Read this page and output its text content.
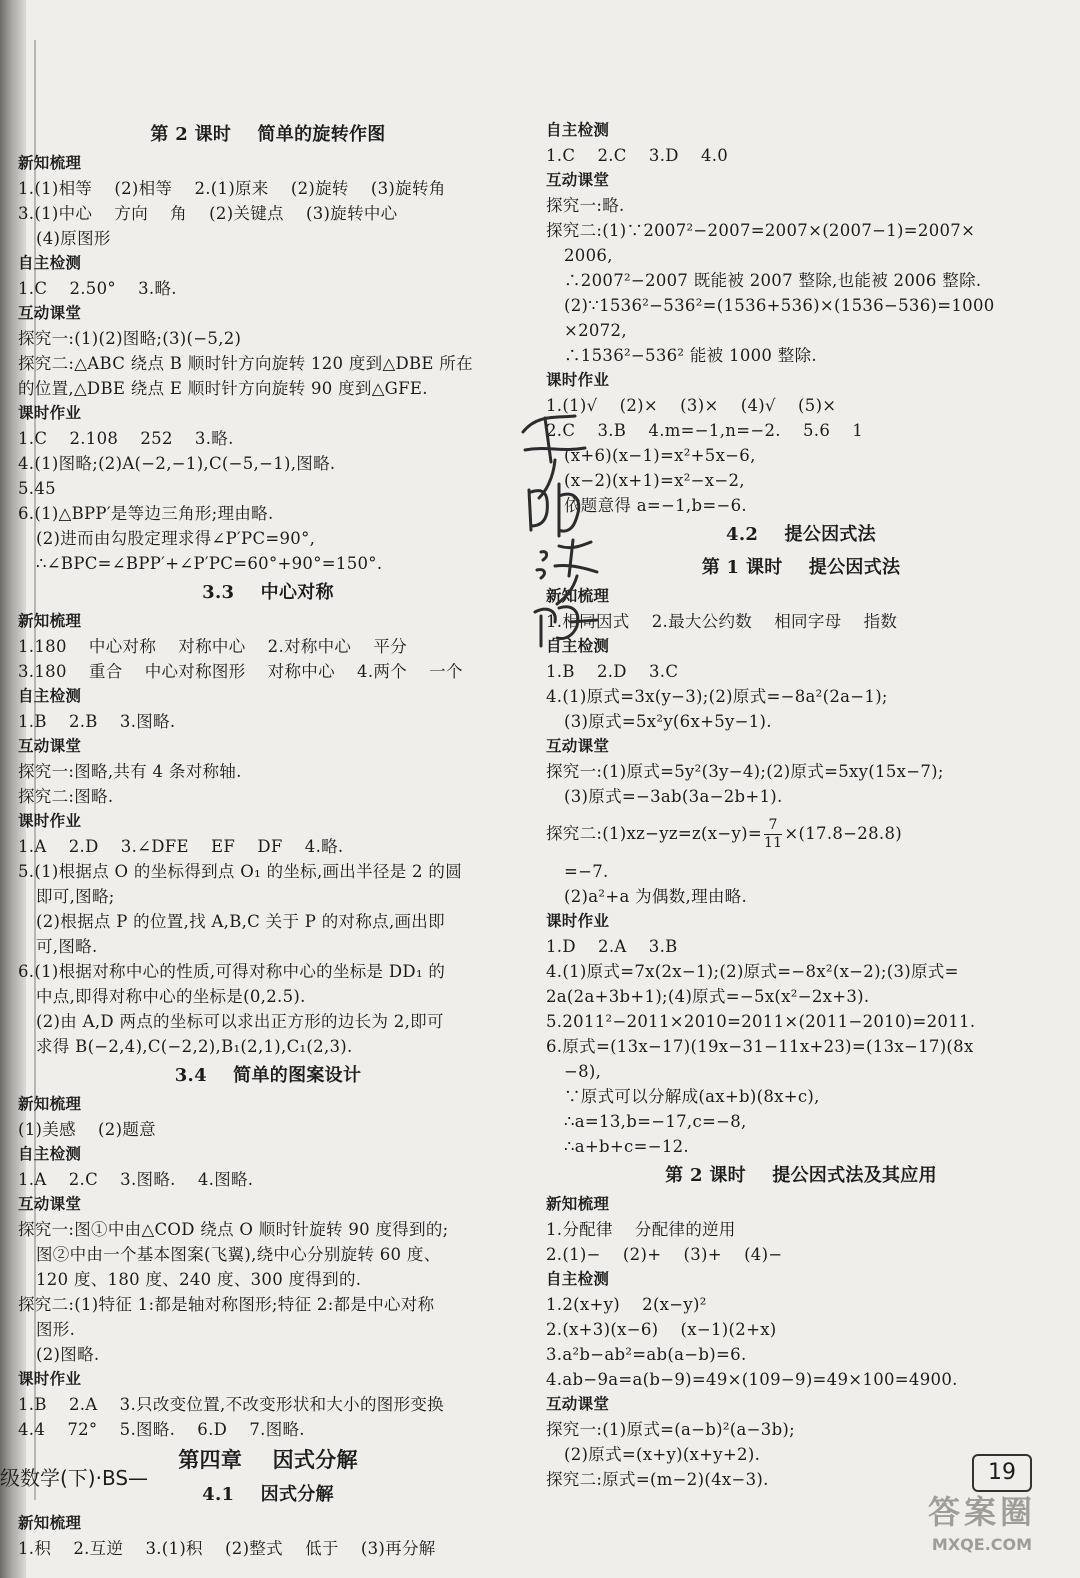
第 2 课时    简单的旋转作图
新知梳理
1.(1)相等    (2)相等    2.(1)原来    (2)旋转    (3)旋转角
3.(1)中心    方向    角    (2)关键点    (3)旋转中心
(4)原图形
自主检测
1.C    2.50°    3.略.
互动课堂
探究一:(1)(2)图略;(3)(−5,2)
探究二:△ABC 绕点 B 顺时针方向旋转 120 度到△DBE 所在
的位置,△DBE 绕点 E 顺时针方向旋转 90 度到△GFE.
课时作业
1.C    2.108    252    3.略.
4.(1)图略;(2)A(−2,−1),C(−5,−1),图略.
5.45
6.(1)△BPP′是等边三角形;理由略.
(2)进而由勾股定理求得∠P′PC=90°,
∴∠BPC=∠BPP′+∠P′PC=60°+90°=150°.
3.3    中心对称
新知梳理
1.180    中心对称    对称中心    2.对称中心    平分
3.180    重合    中心对称图形    对称中心    4.两个    一个
自主检测
1.B    2.B    3.图略.
互动课堂
探究一:图略,共有 4 条对称轴.
探究二:图略.
课时作业
1.A    2.D    3.∠DFE    EF    DF    4.略.
5.(1)根据点 O 的坐标得到点 O₁ 的坐标,画出半径是 2 的圆
即可,图略;
(2)根据点 P 的位置,找 A,B,C 关于 P 的对称点,画出即
可,图略.
6.(1)根据对称中心的性质,可得对称中心的坐标是 DD₁ 的
中点,即得对称中心的坐标是(0,2.5).
(2)由 A,D 两点的坐标可以求出正方形的边长为 2,即可
求得 B(−2,4),C(−2,2),B₁(2,1),C₁(2,3).
3.4    简单的图案设计
新知梳理
(1)美感    (2)题意
自主检测
1.A    2.C    3.图略.    4.图略.
互动课堂
探究一:图①中由△COD 绕点 O 顺时针旋转 90 度得到的;
图②中由一个基本图案(飞翼),绕中心分别旋转 60 度、
120 度、180 度、240 度、300 度得到的.
探究二:(1)特征 1:都是轴对称图形;特征 2:都是中心对称
图形.
(2)图略.
课时作业
1.B    2.A    3.只改变位置,不改变形状和大小的图形变换
4.4    72°    5.图略.    6.D    7.图略.
第四章    因式分解
4.1    因式分解
新知梳理
1.积    2.互逆    3.(1)积    (2)整式    低于    (3)再分解
自主检测
1.C    2.C    3.D    4.0
互动课堂
探究一:略.
探究二:(1)∵2007²−2007=2007×(2007−1)=2007×
2006,
∴2007²−2007 既能被 2007 整除,也能被 2006 整除.
(2)∵1536²−536²=(1536+536)×(1536−536)=1000
×2072,
∴1536²−536² 能被 1000 整除.
课时作业
1.(1)√    (2)×    (3)×    (4)√    (5)×
2.C    3.B    4.m=−1,n=−2.    5.6    1
(x+6)(x−1)=x²+5x−6,
(x−2)(x+1)=x²−x−2,
依题意得 a=−1,b=−6.
4.2    提公因式法
第 1 课时    提公因式法
新知梳理
1.相同因式    2.最大公约数    相同字母    指数
自主检测
1.B    2.D    3.C
4.(1)原式=3x(y−3);(2)原式=−8a²(2a−1);
(3)原式=5x²y(6x+5y−1).
互动课堂
探究一:(1)原式=5y²(3y−4);(2)原式=5xy(15x−7);
(3)原式=−3ab(3a−2b+1).
探究二:(1)xz−yz=z(x−y)= $\frac{7}{11} \times(17.8-28.8)$
=−7.
(2)a²+a 为偶数,理由略.
课时作业
1.D    2.A    3.B
4.(1)原式=7x(2x−1);(2)原式=−8x²(x−2);(3)原式=
2a(2a+3b+1);(4)原式=−5x(x²−2x+3).
5.2011²−2011×2010=2011×(2011−2010)=2011.
6.原式=(13x−17)(19x−31−11x+23)=(13x−17)(8x
−8),
∵原式可以分解成(ax+b)(8x+c),
∴a=13,b=−17,c=−8,
∴a+b+c=−12.
第 2 课时    提公因式法及其应用
新知梳理
1.分配律    分配律的逆用
2.(1)−    (2)+    (3)+    (4)−
自主检测
1.2(x+y)    2(x−y)²
2.(x+3)(x−6)    (x−1)(2+x)
3.a²b−ab²=ab(a−b)=6.
4.ab−9a=a(b−9)=49×(109−9)=49×100=4900.
互动课堂
探究一:(1)原式=(a−b)²(a−3b);
(2)原式=(x+y)(x+y+2).
探究二:原式=(m−2)(4x−3).
级数学(下)·BS—	19
答案圈
MXQE.COM
